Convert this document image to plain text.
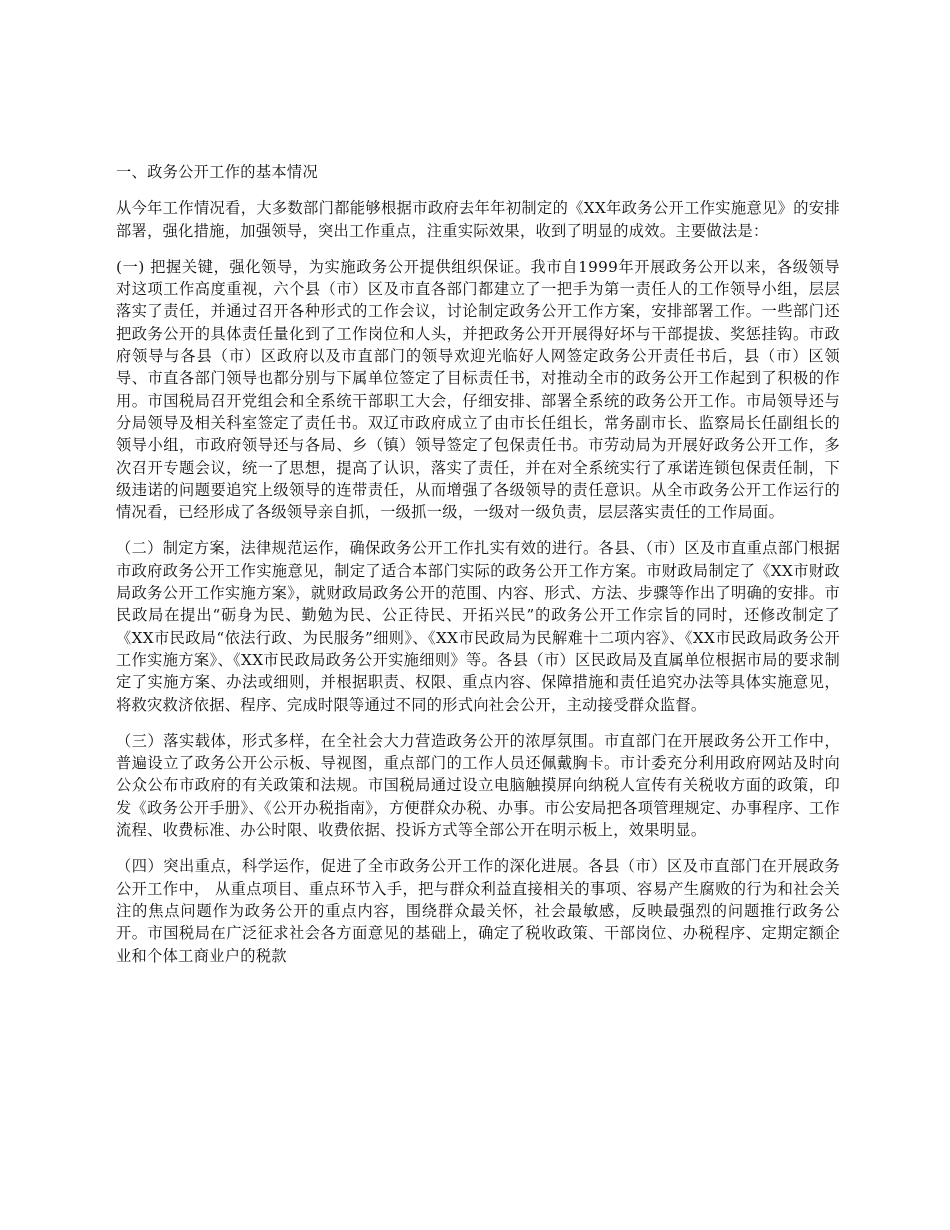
一、政务公开工作的基本情况

从今年工作情况看，大多数部门都能够根据市政府去年年初制定的《XX年政务公开工作实施意见》的安排部署，强化措施，加强领导，突出工作重点，注重实际效果，收到了明显的成效。主要做法是：

(一) 把握关键，强化领导，为实施政务公开提供组织保证。我市自1999年开展政务公开以来，各级领导对这项工作高度重视，六个县（市）区及市直各部门都建立了一把手为第一责任人的工作领导小组，层层落实了责任，并通过召开各种形式的工作会议，讨论制定政务公开工作方案，安排部署工作。一些部门还把政务公开的具体责任量化到了工作岗位和人头，并把政务公开开展得好坏与干部提拔、奖惩挂钩。市政府领导与各县（市）区政府以及市直部门的领导欢迎光临好人网签定政务公开责任书后，县（市）区领导、市直各部门领导也都分别与下属单位签定了目标责任书，对推动全市的政务公开工作起到了积极的作用。市国税局召开党组会和全系统干部职工大会，仔细安排、部署全系统的政务公开工作。市局领导还与分局领导及相关科室签定了责任书。双辽市政府成立了由市长任组长，常务副市长、监察局长任副组长的领导小组，市政府领导还与各局、乡（镇）领导签定了包保责任书。市劳动局为开展好政务公开工作，多次召开专题会议，统一了思想，提高了认识，落实了责任，并在对全系统实行了承诺连锁包保责任制，下级违诺的问题要追究上级领导的连带责任，从而增强了各级领导的责任意识。从全市政务公开工作运行的情况看，已经形成了各级领导亲自抓，一级抓一级，一级对一级负责，层层落实责任的工作局面。

（二）制定方案，法律规范运作，确保政务公开工作扎实有效的进行。各县、（市）区及市直重点部门根据市政府政务公开工作实施意见，制定了适合本部门实际的政务公开工作方案。市财政局制定了《XX市财政局政务公开工作实施方案》，就财政局政务公开的范围、内容、形式、方法、步骤等作出了明确的安排。市民政局在提出“砺身为民、勤勉为民、公正待民、开拓兴民”的政务公开工作宗旨的同时，还修改制定了《XX市民政局“依法行政、为民服务”细则》、《XX市民政局为民解难十二项内容》、《XX市民政局政务公开工作实施方案》、《XX市民政局政务公开实施细则》等。各县（市）区民政局及直属单位根据市局的要求制定了实施方案、办法或细则，并根据职责、权限、重点内容、保障措施和责任追究办法等具体实施意见，将救灾救济依据、程序、完成时限等通过不同的形式向社会公开，主动接受群众监督。

（三）落实载体，形式多样，在全社会大力营造政务公开的浓厚氛围。市直部门在开展政务公开工作中，普遍设立了政务公开公示板、导视图，重点部门的工作人员还佩戴胸卡。市计委充分利用政府网站及时向公众公布市政府的有关政策和法规。市国税局通过设立电脑触摸屏向纳税人宣传有关税收方面的政策，印发《政务公开手册》、《公开办税指南》，方便群众办税、办事。市公安局把各项管理规定、办事程序、工作流程、收费标准、办公时限、收费依据、投诉方式等全部公开在明示板上，效果明显。

（四）突出重点，科学运作，促进了全市政务公开工作的深化进展。各县（市）区及市直部门在开展政务公开工作中， 从重点项目、重点环节入手，把与群众利益直接相关的事项、容易产生腐败的行为和社会关注的焦点问题作为政务公开的重点内容，围绕群众最关怀，社会最敏感，反映最强烈的问题推行政务公开。市国税局在广泛征求社会各方面意见的基础上，确定了税收政策、干部岗位、办税程序、定期定额企业和个体工商业户的税款
